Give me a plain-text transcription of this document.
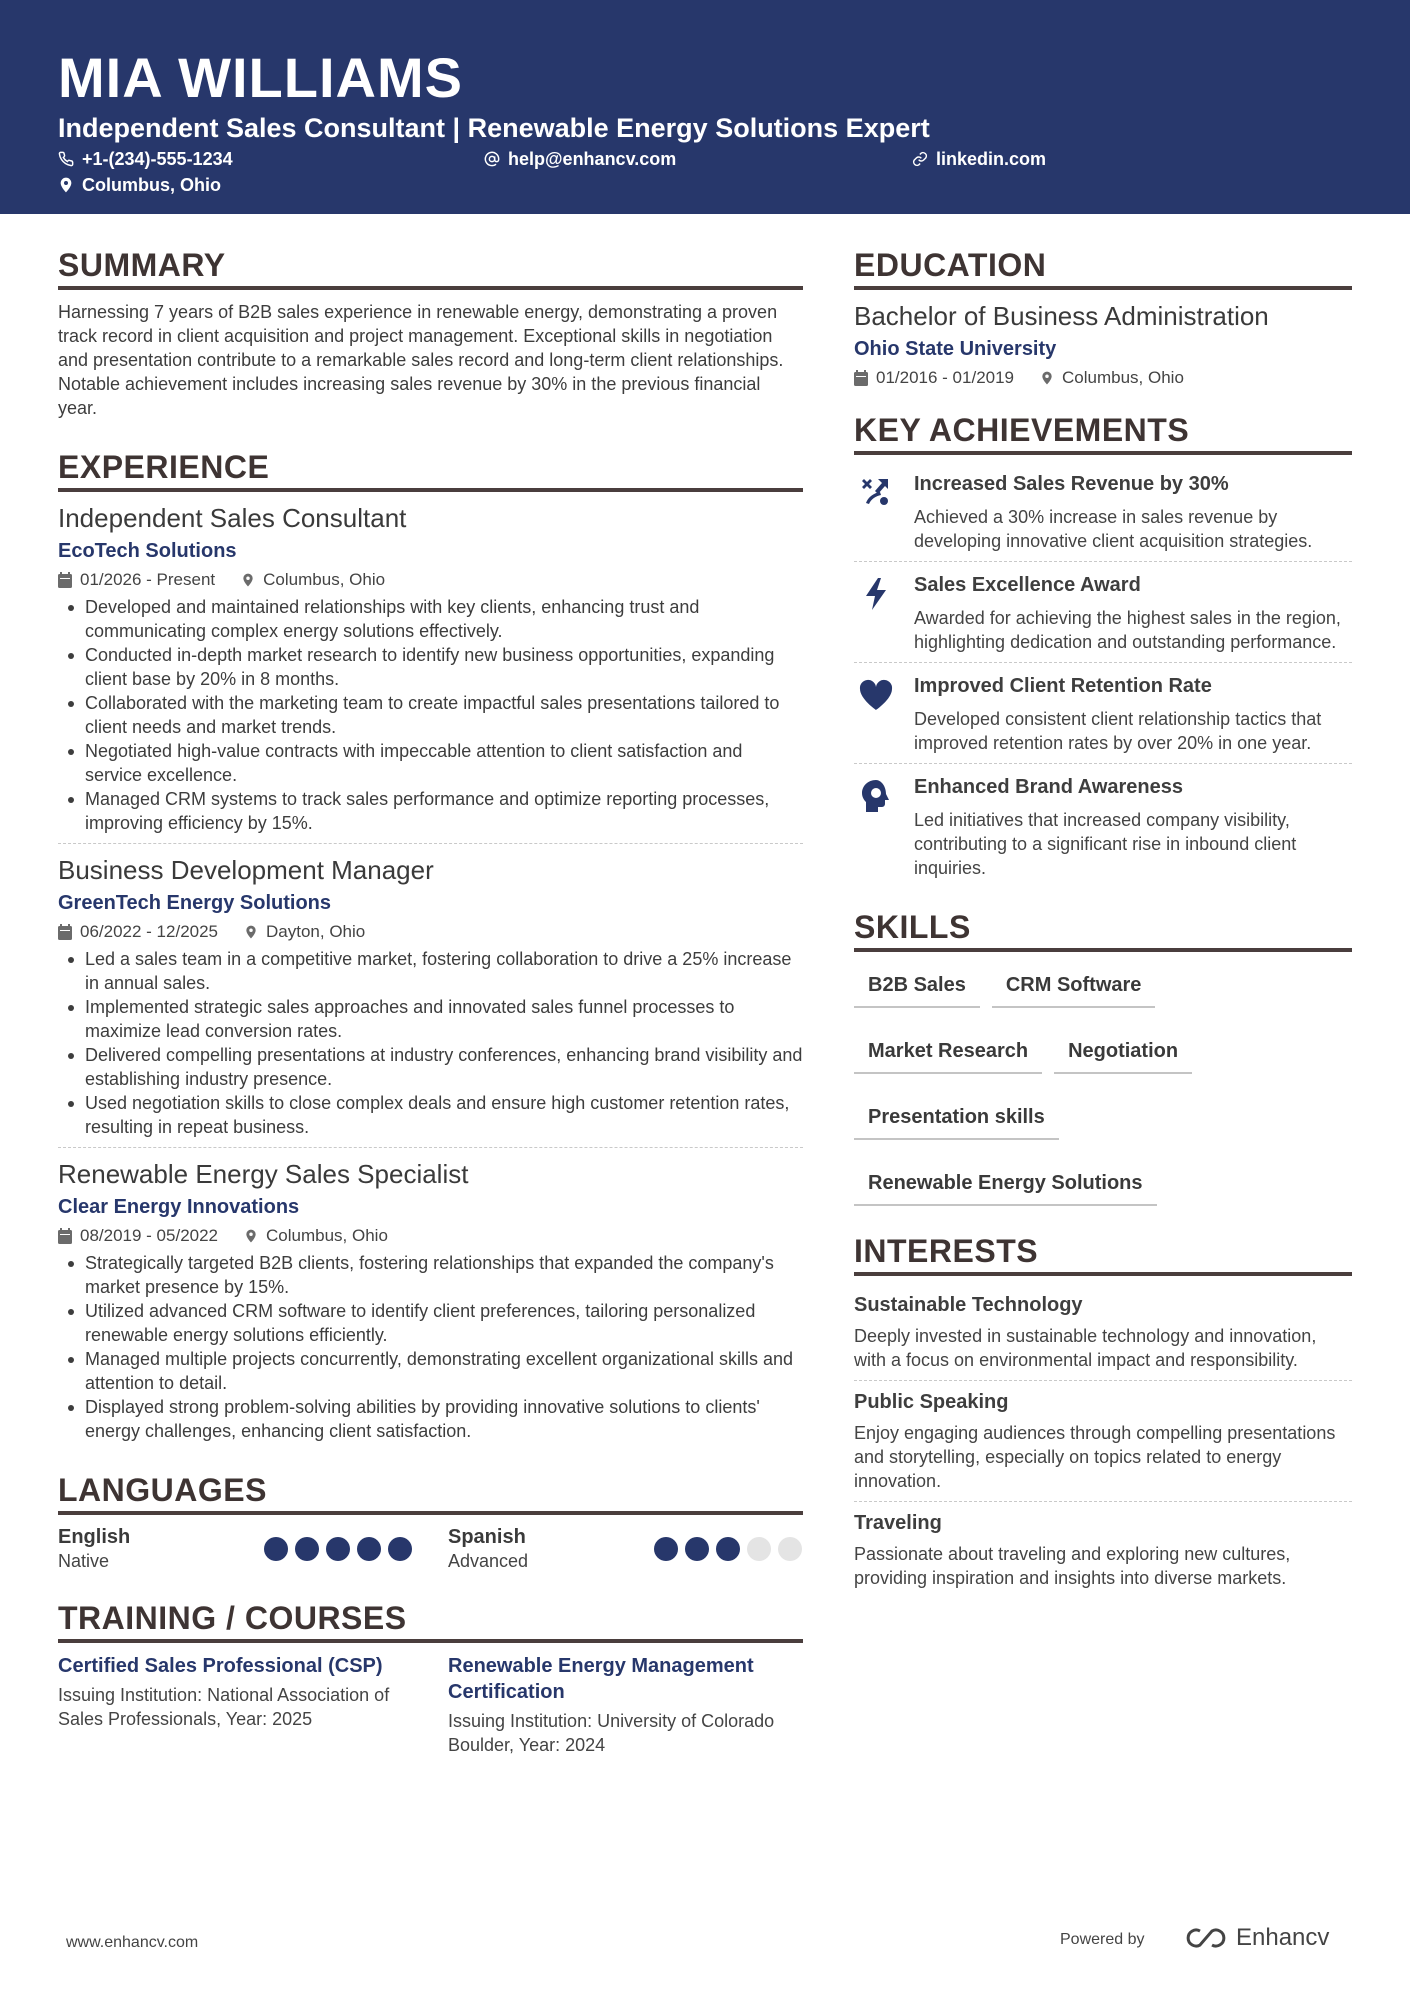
MIA WILLIAMS
Independent Sales Consultant | Renewable Energy Solutions Expert
+1-(234)-555-1234	help@enhancv.com	linkedin.com
Columbus, Ohio
SUMMARY
Harnessing 7 years of B2B sales experience in renewable energy, demonstrating a proven track record in client acquisition and project management. Exceptional skills in negotiation and presentation contribute to a remarkable sales record and long-term client relationships. Notable achievement includes increasing sales revenue by 30% in the previous financial year.
EXPERIENCE
Independent Sales Consultant
EcoTech Solutions
01/2026 - Present	Columbus, Ohio
Developed and maintained relationships with key clients, enhancing trust and communicating complex energy solutions effectively.
Conducted in-depth market research to identify new business opportunities, expanding client base by 20% in 8 months.
Collaborated with the marketing team to create impactful sales presentations tailored to client needs and market trends.
Negotiated high-value contracts with impeccable attention to client satisfaction and service excellence.
Managed CRM systems to track sales performance and optimize reporting processes, improving efficiency by 15%.
Business Development Manager
GreenTech Energy Solutions
06/2022 - 12/2025	Dayton, Ohio
Led a sales team in a competitive market, fostering collaboration to drive a 25% increase in annual sales.
Implemented strategic sales approaches and innovated sales funnel processes to maximize lead conversion rates.
Delivered compelling presentations at industry conferences, enhancing brand visibility and establishing industry presence.
Used negotiation skills to close complex deals and ensure high customer retention rates, resulting in repeat business.
Renewable Energy Sales Specialist
Clear Energy Innovations
08/2019 - 05/2022	Columbus, Ohio
Strategically targeted B2B clients, fostering relationships that expanded the company's market presence by 15%.
Utilized advanced CRM software to identify client preferences, tailoring personalized renewable energy solutions efficiently.
Managed multiple projects concurrently, demonstrating excellent organizational skills and attention to detail.
Displayed strong problem-solving abilities by providing innovative solutions to clients' energy challenges, enhancing client satisfaction.
LANGUAGES
English
Native
Spanish
Advanced
TRAINING / COURSES
Certified Sales Professional (CSP)
Issuing Institution: National Association of Sales Professionals, Year: 2025
Renewable Energy Management Certification
Issuing Institution: University of Colorado Boulder, Year: 2024
EDUCATION
Bachelor of Business Administration
Ohio State University
01/2016 - 01/2019	Columbus, Ohio
KEY ACHIEVEMENTS
Increased Sales Revenue by 30%
Achieved a 30% increase in sales revenue by developing innovative client acquisition strategies.
Sales Excellence Award
Awarded for achieving the highest sales in the region, highlighting dedication and outstanding performance.
Improved Client Retention Rate
Developed consistent client relationship tactics that improved retention rates by over 20% in one year.
Enhanced Brand Awareness
Led initiatives that increased company visibility, contributing to a significant rise in inbound client inquiries.
SKILLS
B2B Sales	CRM Software
Market Research	Negotiation
Presentation skills
Renewable Energy Solutions
INTERESTS
Sustainable Technology
Deeply invested in sustainable technology and innovation, with a focus on environmental impact and responsibility.
Public Speaking
Enjoy engaging audiences through compelling presentations and storytelling, especially on topics related to energy innovation.
Traveling
Passionate about traveling and exploring new cultures, providing inspiration and insights into diverse markets.
www.enhancv.com	Powered by	Enhancv
